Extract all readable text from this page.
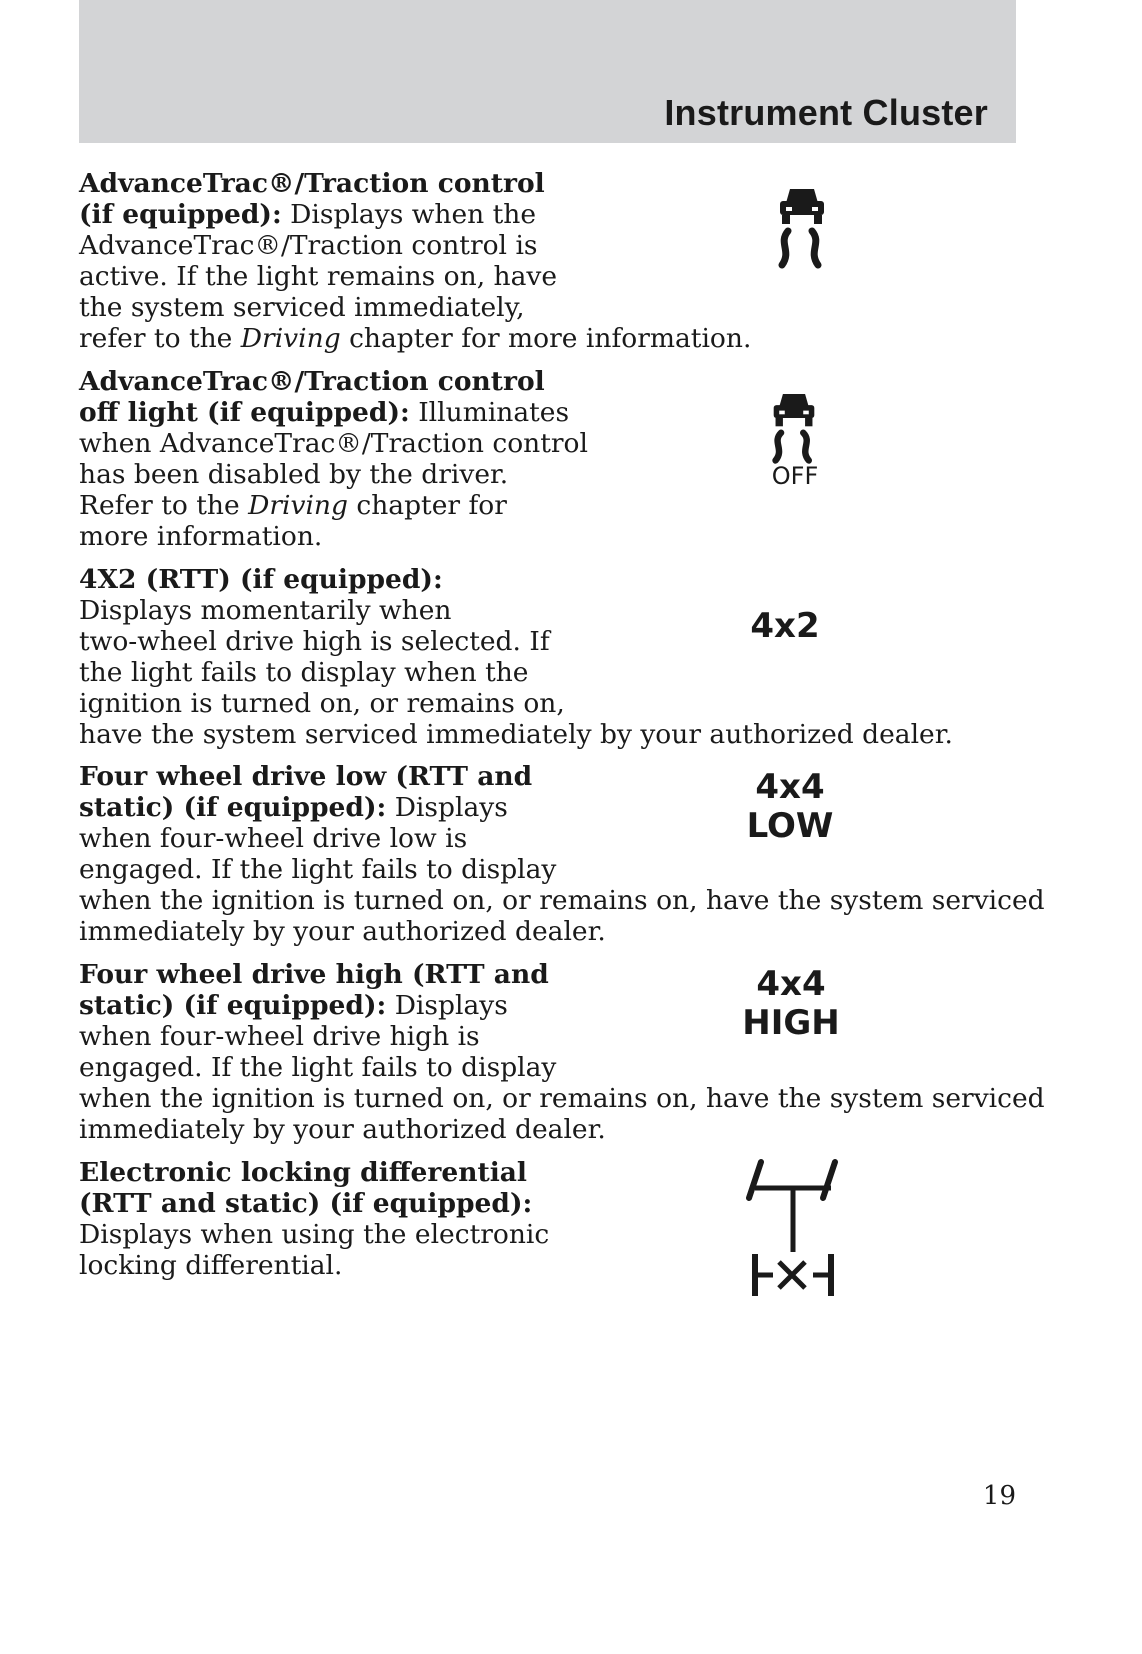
Instrument Cluster

AdvanceTrac®/Traction control

(if equipped): Displays when the

AdvanceTrac®/Traction control is

active. If the light remains on, have

the system serviced immediately,

refer to the Driving chapter for more information.

AdvanceTrac®/Traction control

off light (if equipped): Illuminates

when AdvanceTrac®/Traction control

has been disabled by the driver.

Refer to the Driving chapter for

more information.

OFF

4X2 (RTT) (if equipped):

Displays momentarily when

two-wheel drive high is selected. If

the light fails to display when the

ignition is turned on, or remains on,

have the system serviced immediately by your authorized dealer.

4x2

Four wheel drive low (RTT and

static) (if equipped): Displays

when four-wheel drive low is

engaged. If the light fails to display

when the ignition is turned on, or remains on, have the system serviced

immediately by your authorized dealer.

4x4
LOW

Four wheel drive high (RTT and

static) (if equipped): Displays

when four-wheel drive high is

engaged. If the light fails to display

when the ignition is turned on, or remains on, have the system serviced

immediately by your authorized dealer.

4x4
HIGH

Electronic locking differential

(RTT and static) (if equipped):

Displays when using the electronic

locking differential.

19
